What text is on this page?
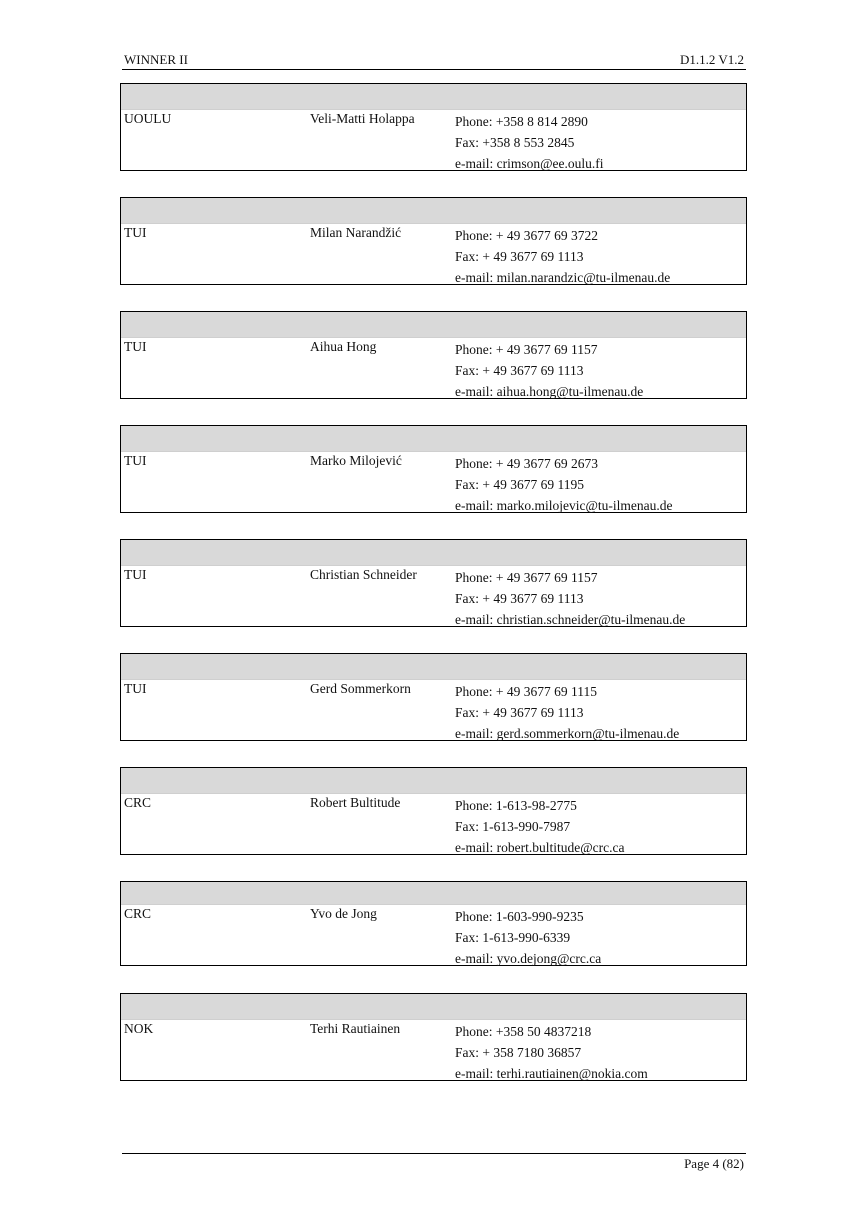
WINNER II	D1.1.2 V1.2
UOULU	Veli-Matti Holappa	Phone: +358 8 814 2890
Fax: +358 8 553 2845
e-mail: crimson@ee.oulu.fi
TUI	Milan Narandžić	Phone: + 49 3677 69 3722
Fax: + 49 3677 69 1113
e-mail: milan.narandzic@tu-ilmenau.de
TUI	Aihua Hong	Phone: + 49 3677 69 1157
Fax: + 49 3677 69 1113
e-mail: aihua.hong@tu-ilmenau.de
TUI	Marko Milojević	Phone: + 49 3677 69 2673
Fax: + 49 3677 69 1195
e-mail: marko.milojevic@tu-ilmenau.de
TUI	Christian Schneider	Phone: + 49 3677 69 1157
Fax: + 49 3677 69 1113
e-mail: christian.schneider@tu-ilmenau.de
TUI	Gerd Sommerkorn	Phone: + 49 3677 69 1115
Fax: + 49 3677 69 1113
e-mail: gerd.sommerkorn@tu-ilmenau.de
CRC	Robert Bultitude	Phone: 1-613-98-2775
Fax: 1-613-990-7987
e-mail: robert.bultitude@crc.ca
CRC	Yvo de Jong	Phone: 1-603-990-9235
Fax: 1-613-990-6339
e-mail: yvo.dejong@crc.ca
NOK	Terhi Rautiainen	Phone: +358 50 4837218
Fax: + 358 7180 36857
e-mail: terhi.rautiainen@nokia.com
Page 4 (82)
